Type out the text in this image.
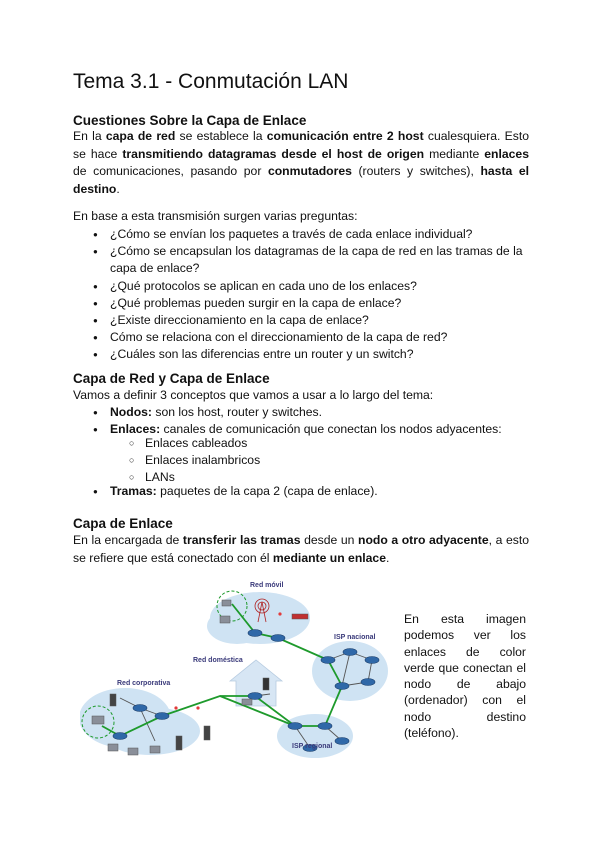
Tema 3.1 - Conmutación LAN
Cuestiones Sobre la Capa de Enlace

En la capa de red se establece la comunicación entre 2 host cualesquiera. Esto se hace transmitiendo datagramas desde el host de origen mediante enlaces de comunicaciones, pasando por conmutadores (routers y switches), hasta el destino.

En base a esta transmisión surgen varias preguntas:

● ¿Cómo se envían los paquetes a través de cada enlace individual?
● ¿Cómo se encapsulan los datagramas de la capa de red en las tramas de la capa de enlace?
● ¿Qué protocolos se aplican en cada uno de los enlaces?
● ¿Qué problemas pueden surgir en la capa de enlace?
● ¿Existe direccionamiento en la capa de enlace?
● Cómo se relaciona con el direccionamiento de la capa de red?
● ¿Cuáles son las diferencias entre un router y un switch?
Capa de Red y Capa de Enlace

Vamos a definir 3 conceptos que vamos a usar a lo largo del tema:

● Nodos: son los host, router y switches.
● Enlaces: canales de comunicación que conectan los nodos adyacentes:
○ Enlaces cableados
○ Enlaces inalambricos
○ LANs
● Tramas: paquetes de la capa 2 (capa de enlace).
Capa de Enlace

En la encargada de transferir las tramas desde un nodo a otro adyacente, a esto se refiere que está conectado con él mediante un enlace.

Red móvil
ISP nacional
Red doméstica
Red corporativa
ISP regional

En esta imagen podemos ver los enlaces de color verde que conectan el nodo de abajo (ordenador) con el nodo destino (teléfono).
